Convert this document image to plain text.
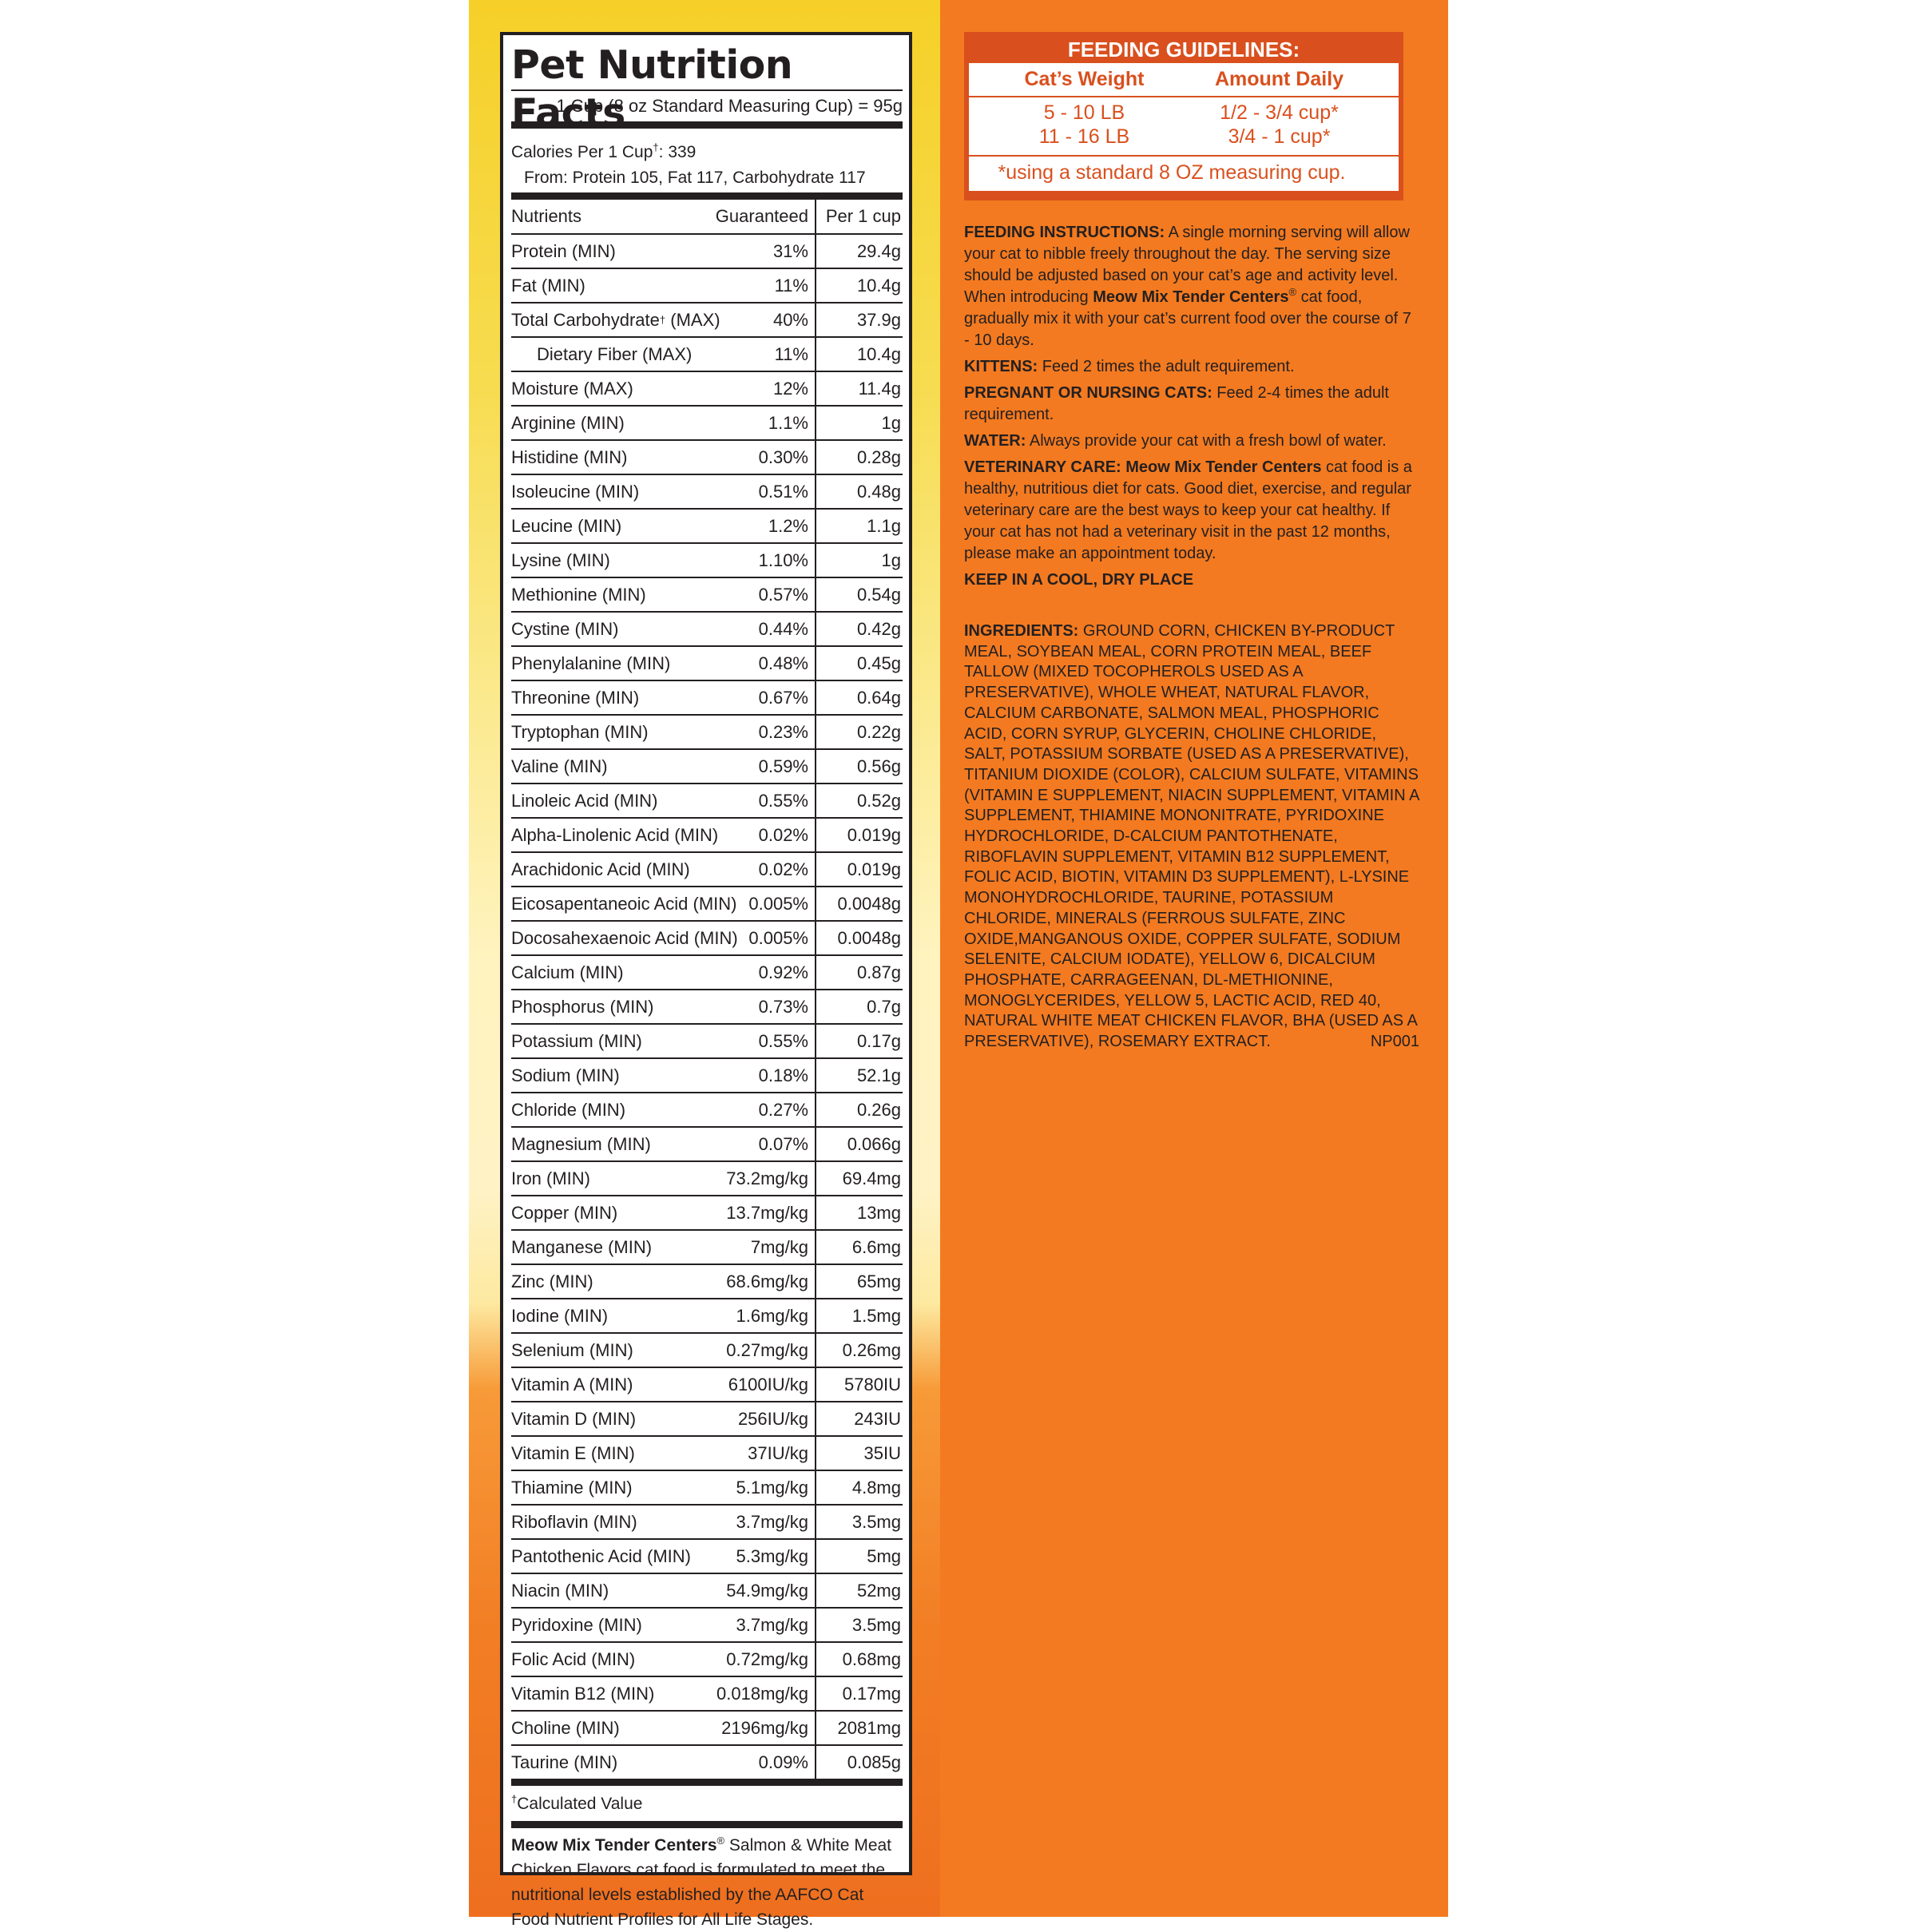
Pet Nutrition Facts
1 Cup (8 oz Standard Measuring Cup) = 95g
Calories Per 1 Cup†: 339
From: Protein 105, Fat 117, Carbohydrate 117
Nutrients	Guaranteed Per 1 cup
Protein (MIN)	31%	29.4g
Fat (MIN)	11%	10.4g
Total Carbohydrate † (MAX)	40%	37.9g
Dietary Fiber (MAX)	11%	10.4g
Moisture (MAX)	12%	11.4g
Arginine (MIN)	1.1%	1g
Histidine (MIN)	0.30%	0.28g
Isoleucine (MIN)	0.51%	0.48g
Leucine (MIN)	1.2%	1.1g
Lysine (MIN)	1.10%	1g
Methionine (MIN)	0.57%	0.54g
Cystine (MIN)	0.44%	0.42g
Phenylalanine (MIN)	0.48%	0.45g
Threonine (MIN)	0.67%	0.64g
Tryptophan (MIN)	0.23%	0.22g
Valine (MIN)	0.59%	0.56g
Linoleic Acid (MIN)	0.55%	0.52g
Alpha-Linolenic Acid (MIN)	0.02%	0.019g
Arachidonic Acid (MIN)	0.02%	0.019g
Eicosapentaneoic Acid (MIN) 0.005%	0.0048g
Docosahexaenoic Acid (MIN) 0.005%	0.0048g
Calcium (MIN)	0.92%	0.87g
Phosphorus (MIN)	0.73%	0.7g
Potassium (MIN)	0.55%	0.17g
Sodium (MIN)	0.18%	52.1g
Chloride (MIN)	0.27%	0.26g
Magnesium (MIN)	0.07%	0.066g
Iron (MIN)	73.2mg/kg	69.4mg
Copper (MIN)	13.7mg/kg	13mg
Manganese (MIN)	7mg/kg	6.6mg
Zinc (MIN)	68.6mg/kg	65mg
Iodine (MIN)	1.6mg/kg	1.5mg
Selenium (MIN)	0.27mg/kg	0.26mg
Vitamin A (MIN)	6100IU/kg	5780IU
Vitamin D (MIN)	256IU/kg	243IU
Vitamin E (MIN)	37IU/kg	35IU
Thiamine (MIN)	5.1mg/kg	4.8mg
Riboflavin (MIN)	3.7mg/kg	3.5mg
Pantothenic Acid (MIN)	5.3mg/kg	5mg
Niacin (MIN)	54.9mg/kg	52mg
Pyridoxine (MIN)	3.7mg/kg	3.5mg
Folic Acid (MIN)	0.72mg/kg	0.68mg
Vitamin B12 (MIN)	0.018mg/kg	0.17mg
Choline (MIN)	2196mg/kg	2081mg
Taurine (MIN)	0.09%	0.085g
†Calculated Value
Meow Mix Tender Centers® Salmon & White Meat Chicken Flavors cat food is formulated to meet the nutritional levels established by the AAFCO Cat Food Nutrient Profiles for All Life Stages.
FEEDING GUIDELINES:
Cat’s Weight	Amount Daily
5 - 10 LB	1/2 - 3/4 cup*
11 - 16 LB	3/4 - 1 cup*
*using a standard 8 OZ measuring cup.

FEEDING INSTRUCTIONS: A single morning serving will allow your cat to nibble freely throughout the day. The serving size should be adjusted based on your cat’s age and activity level. When introducing Meow Mix Tender Centers® cat food, gradually mix it with your cat’s current food over the course of 7 - 10 days.

KITTENS: Feed 2 times the adult requirement.

PREGNANT OR NURSING CATS: Feed 2-4 times the adult requirement.

WATER: Always provide your cat with a fresh bowl of water.

VETERINARY CARE: Meow Mix Tender Centers cat food is a healthy, nutritious diet for cats. Good diet, exercise, and regular veterinary care are the best ways to keep your cat healthy. If your cat has not had a veterinary visit in the past 12 months, please make an appointment today.

KEEP IN A COOL, DRY PLACE

INGREDIENTS: GROUND CORN, CHICKEN BY-PRODUCT MEAL, SOYBEAN MEAL, CORN PROTEIN MEAL, BEEF TALLOW (MIXED TOCOPHEROLS USED AS A PRESERVATIVE), WHOLE WHEAT, NATURAL FLAVOR, CALCIUM CARBONATE, SALMON MEAL, PHOSPHORIC ACID, CORN SYRUP, GLYCERIN, CHOLINE CHLORIDE, SALT, POTASSIUM SORBATE (USED AS A PRESERVATIVE), TITANIUM DIOXIDE (COLOR), CALCIUM SULFATE, VITAMINS (VITAMIN E SUPPLEMENT, NIACIN SUPPLEMENT, VITAMIN A SUPPLEMENT, THIAMINE MONONITRATE, PYRIDOXINE HYDROCHLORIDE, D-CALCIUM PANTOTHENATE, RIBOFLAVIN SUPPLEMENT, VITAMIN B12 SUPPLEMENT, FOLIC ACID, BIOTIN, VITAMIN D3 SUPPLEMENT), L-LYSINE MONOHYDROCHLORIDE, TAURINE, POTASSIUM CHLORIDE, MINERALS (FERROUS SULFATE, ZINC OXIDE,MANGANOUS OXIDE, COPPER SULFATE, SODIUM SELENITE, CALCIUM IODATE), YELLOW 6, DICALCIUM PHOSPHATE, CARRAGEENAN, DL-METHIONINE, MONOGLYCERIDES, YELLOW 5, LACTIC ACID, RED 40, NATURAL WHITE MEAT CHICKEN FLAVOR, BHA (USED AS A PRESERVATIVE), ROSEMARY EXTRACT.	NP001
